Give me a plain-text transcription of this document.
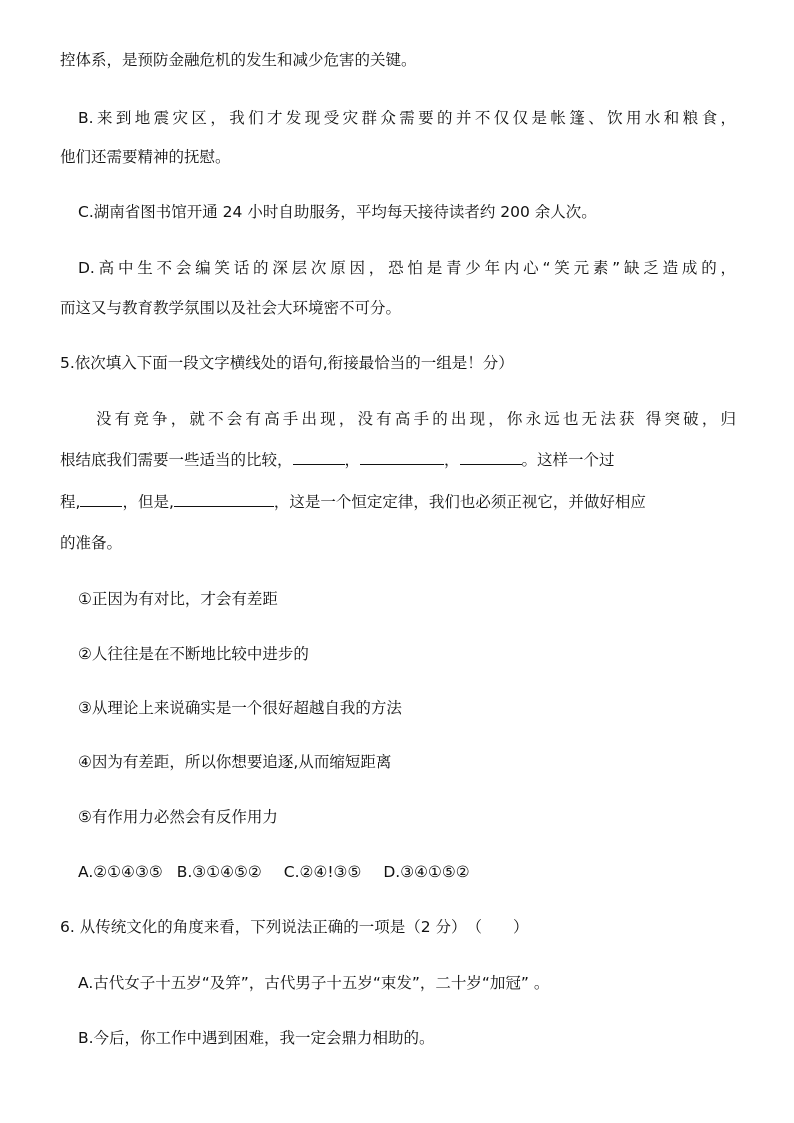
控体系，是预防金融危机的发生和减少危害的关键。
B.来到地震灾区，我们才发现受灾群众需要的并不仅仅是帐篷、饮用水和粮食，
他们还需要精神的抚慰。
C.湖南省图书馆开通 24 小时自助服务，平均每天接待读者约 200 余人次。
D.高中生不会编笑话的深层次原因，恐怕是青少年内心“笑元素”缺乏造成的，
而这又与教育教学氛围以及社会大环境密不可分。
5.依次填入下面一段文字横线处的语句,衔接最恰当的一组是！分）
没有竞争，就不会有高手出现，没有高手的出现，你永远也无法获 得突破，归
根结底我们需要一些适当的比较，	，	，	。这样一个过
程,	，但是,	，这是一个恒定定律，我们也必须正视它，并做好相应
的准备。
①正因为有对比，才会有差距
②人往往是在不断地比较中进步的
③从理论上来说确实是一个很好超越自我的方法
④因为有差距，所以你想要追逐,从而缩短距离
⑤有作用力必然会有反作用力
A.②①④③⑤ B.③①④⑤② C.②④!③⑤ D.③④①⑤②
6. 从传统文化的角度来看，下列说法正确的一项是（2 分）　（　　）
A.古代女子十五岁“及笄”，古代男子十五岁“束发”，二十岁“加冠” 。
B.今后，你工作中遇到困难，我一定会鼎力相助的。
